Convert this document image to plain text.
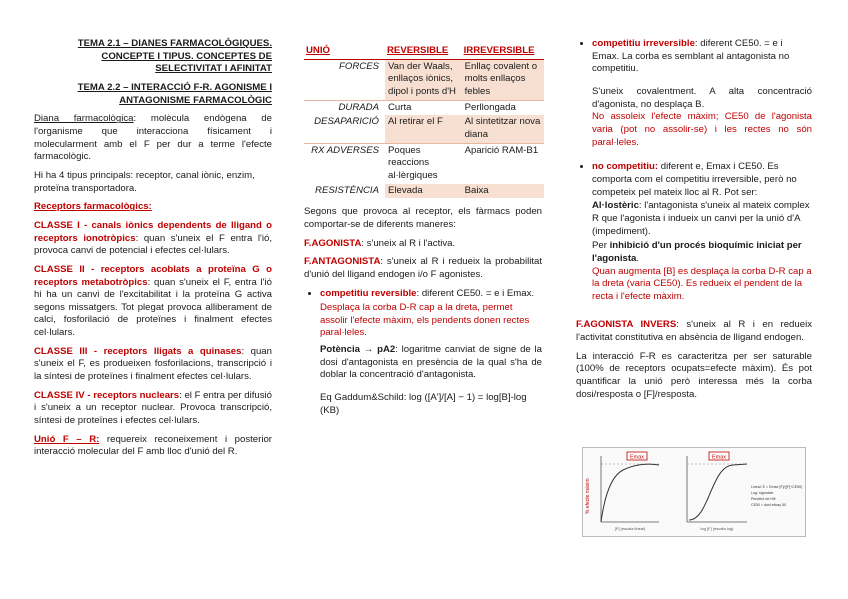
TEMA 2.1 – DIANES FARMACOLÒGIQUES. CONCEPTE I TIPUS. CONCEPTES DE SELECTIVITAT I AFINITAT

TEMA 2.2 – INTERACCIÓ F-R. AGONISME I ANTAGONISME FARMACOLÒGIC

Diana farmacològica: molècula endògena de l'organisme que interacciona físicament i molecularment amb el F per dur a terme l'efecte farmacològic.

Hi ha 4 tipus principals: receptor, canal iònic, enzim, proteïna transportadora.

Receptors farmacològics:

CLASSE I - canals iònics dependents de lligand o receptors ionotròpics: quan s'uneix el F entra l'ió, provoca canvi de potencial i efectes cel·lulars.

CLASSE II - receptors acoblats a proteïna G o receptors metabotròpics: quan s'uneix el F, entra l'ió hi ha un canvi de l'excitabilitat i la proteïna G activa segons missatgers. Tot plegat provoca alliberament de calci, fosforilació de proteïnes i finalment efectes cel·lulars.

CLASSE III - receptors lligats a quinases: quan s'uneix el F, es produeixen fosforilacions, transcripció i la síntesi de proteïnes i finalment efectes cel·lulars.

CLASSE IV - receptors nuclears: el F entra per difusió i s'uneix a un receptor nuclear. Provoca transcripció, síntesi de proteïnes i efectes cel·lulars.

Unió F – R: requereix reconeixement i posterior interacció molecular del F amb lloc d'unió del R.

UNIÓ	REVERSIBLE	IRREVERSIBLE
FORCES	Van der Waals, enllaços iònics, dipol i ponts d'H	Enllaç covalent o molts enllaços febles
DURADA	Curta	Perllongada
DESAPARICIÓ	Al retirar el F	Al sintetitzar nova diana
RX ADVERSES	Poques reaccions al·lèrgiques	Aparició RAM-B1
RESISTÈNCIA	Elevada	Baixa

Segons que provoca al receptor, els fàrmacs poden comportar-se de diferents maneres:

F.AGONISTA: s'uneix al R i l'activa.

F.ANTAGONISTA: s'uneix al R i redueix la probabilitat d'unió del lligand endogen i/o F agonistes.

• competitiu reversible: diferent CE50. = e i Emax.
Desplaça la corba D-R cap a la dreta, permet assolir l'efecte màxim, els pendents donen rectes paral·leles.

Potència → pA2: logaritme canviat de signe de la dosi d'antagonista en presència de la qual s'ha de doblar la concentració d'antagonista.

Eq Gaddum&Schild: log ([A']/[A] − 1) = log[B]-log (KB)

• competitiu irreversible: diferent CE50. = e i Emax. La corba es semblant al antagonista no competitiu.

S'uneix covalentment. A alta concentració d'agonista, no desplaça B.

No assoleix l'efecte màxim; CE50 de l'agonista varia (pot no assolir-se) i les rectes no són paral·leles.

• no competitiu: diferent e, Emax i CE50. Es comporta com el competitiu irreversible, però no competeix pel mateix lloc al R. Pot ser:
Al·lostèric: l'antagonista s'uneix al mateix complex R que l'agonista i indueix un canvi per la unió d'A (impediment).
Per inhibició d'un procés bioquímic iniciat per l'agonista.
Quan augmenta [B] es desplaça la corba D-R cap a la dreta (varia CE50). Es redueix el pendent de la recta i l'efecte màxim.

F.AGONISTA INVERS: s'uneix al R i en redueix l'activitat constitutiva en absència de lligand endogen.

La interacció F-R es caracteritza per ser saturable (100% de receptors ocupats=efecte màxim). És pot quantificar la unió però interessa més la corba dosi/resposta o [F]/resposta.

% efecte màxim
Emax
[F] (escala lineal)
Emax
log [F] (escala log)
Lineal: E = Emax·[F]/([F]+CE50)
Log: sigmoide
Pendent de Hill
CE50 = dosi eficaç 50
